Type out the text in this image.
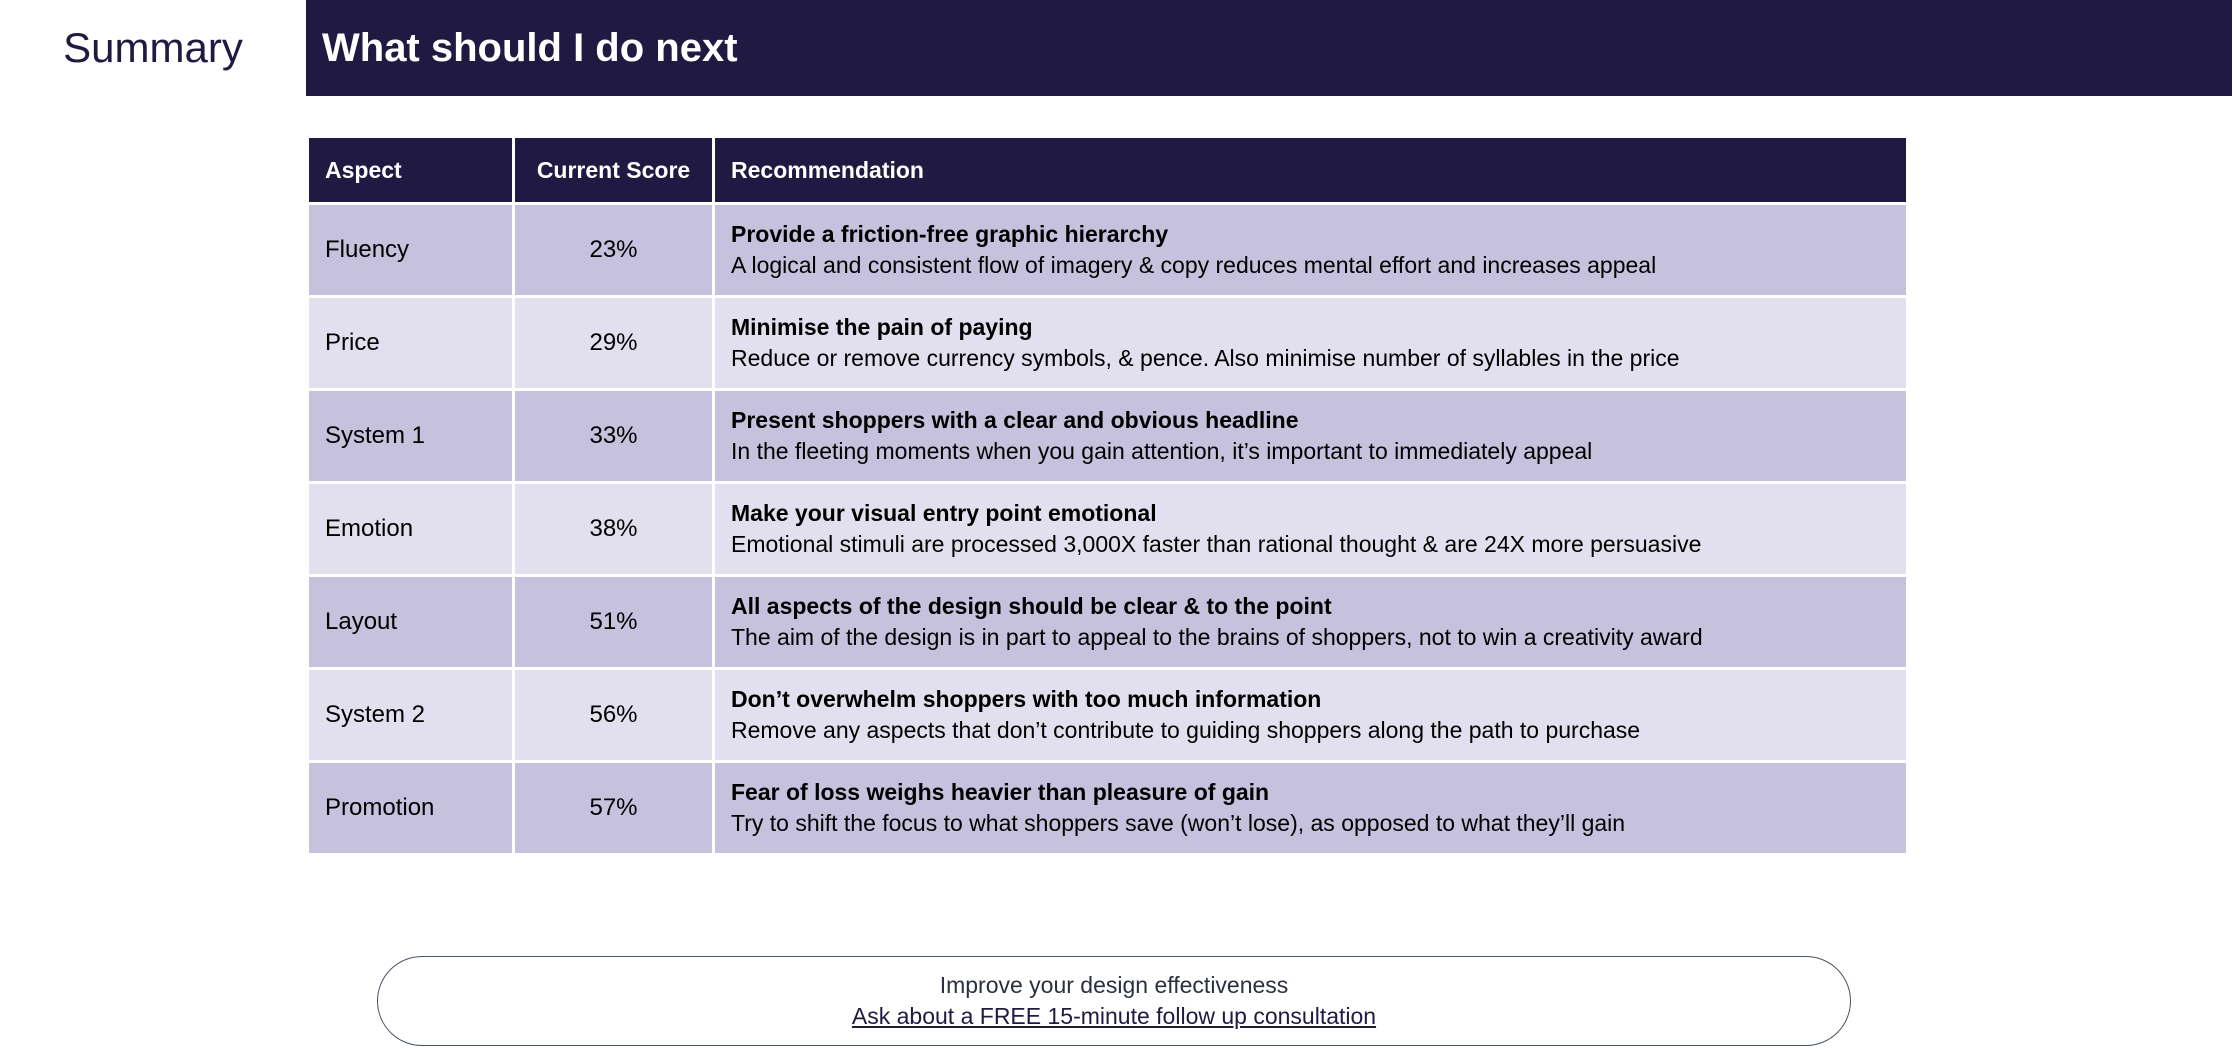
Summary	What should I do next
Aspect	Current Score	Recommendation
Fluency	23%	Provide a friction-free graphic hierarchy
A logical and consistent flow of imagery & copy reduces mental effort and increases appeal

Price	29%	Minimise the pain of paying
Reduce or remove currency symbols, & pence. Also minimise number of syllables in the price

System 1	33%	Present shoppers with a clear and obvious headline
In the fleeting moments when you gain attention, it’s important to immediately appeal

Emotion	38%	Make your visual entry point emotional
Emotional stimuli are processed 3,000X faster than rational thought & are 24X more persuasive

Layout	51%	All aspects of the design should be clear & to the point
The aim of the design is in part to appeal to the brains of shoppers, not to win a creativity award

System 2	56%	Don’t overwhelm shoppers with too much information
Remove any aspects that don’t contribute to guiding shoppers along the path to purchase

Promotion	57%	Fear of loss weighs heavier than pleasure of gain
Try to shift the focus to what shoppers save (won’t lose), as opposed to what they’ll gain
Improve your design effectiveness
Ask about a FREE 15-minute follow up consultation
